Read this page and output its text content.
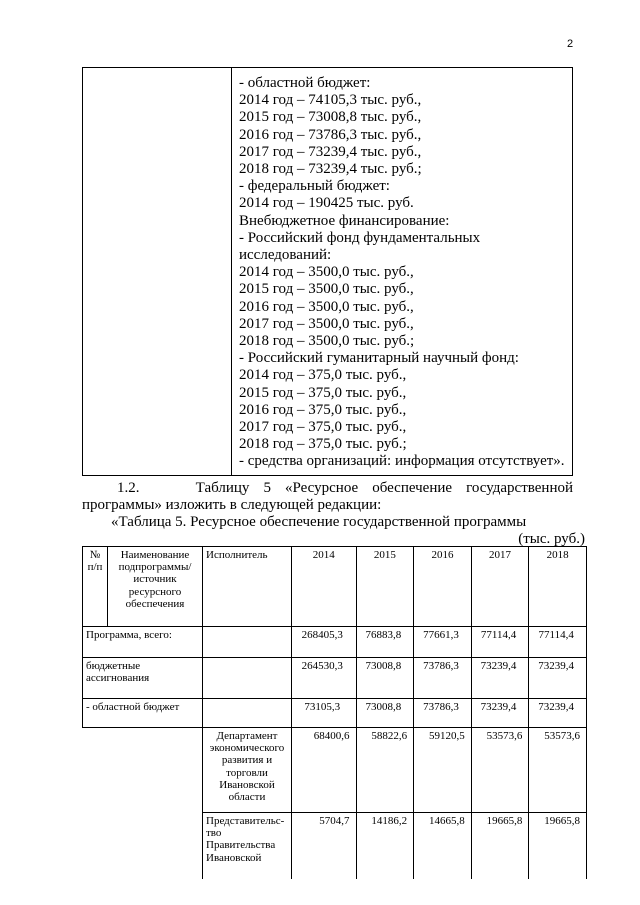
2

- областной бюджет:
2014 год – 74105,3 тыс. руб.,
2015 год – 73008,8 тыс. руб.,
2016 год – 73786,3 тыс. руб.,
2017 год – 73239,4 тыс. руб.,
2018 год – 73239,4 тыс. руб.;
- федеральный бюджет:
2014 год – 190425 тыс. руб.
Внебюджетное финансирование:
- Российский фонд фундаментальных
исследований:
2014 год – 3500,0 тыс. руб.,
2015 год – 3500,0 тыс. руб.,
2016 год – 3500,0 тыс. руб.,
2017 год – 3500,0 тыс. руб.,
2018 год – 3500,0 тыс. руб.;
- Российский гуманитарный научный фонд:
2014 год – 375,0 тыс. руб.,
2015 год – 375,0 тыс. руб.,
2016 год – 375,0 тыс. руб.,
2017 год – 375,0 тыс. руб.,
2018 год – 375,0 тыс. руб.;
- средства организаций: информация отсутствует».
1.2.	Таблицу 5 «Ресурсное обеспечение государственной
программы» изложить в следующей редакции:
«Таблица 5. Ресурсное обеспечение государственной программы
(тыс. руб.)
№ п/п	Наименование подпрограммы/ источник ресурсного обеспечения	Исполнитель	2014	2015	2016	2017	2018
Программа, всего:			268405,3	76883,8	77661,3	77114,4	77114,4
бюджетные ассигнования			264530,3	73008,8	73786,3	73239,4	73239,4
- областной бюджет			73105,3	73008,8	73786,3	73239,4	73239,4
		Департамент экономического развития и торговли Ивановской области	68400,6	58822,6	59120,5	53573,6	53573,6
		Представительс-тво Правительства Ивановской	5704,7	14186,2	14665,8	19665,8	19665,8
